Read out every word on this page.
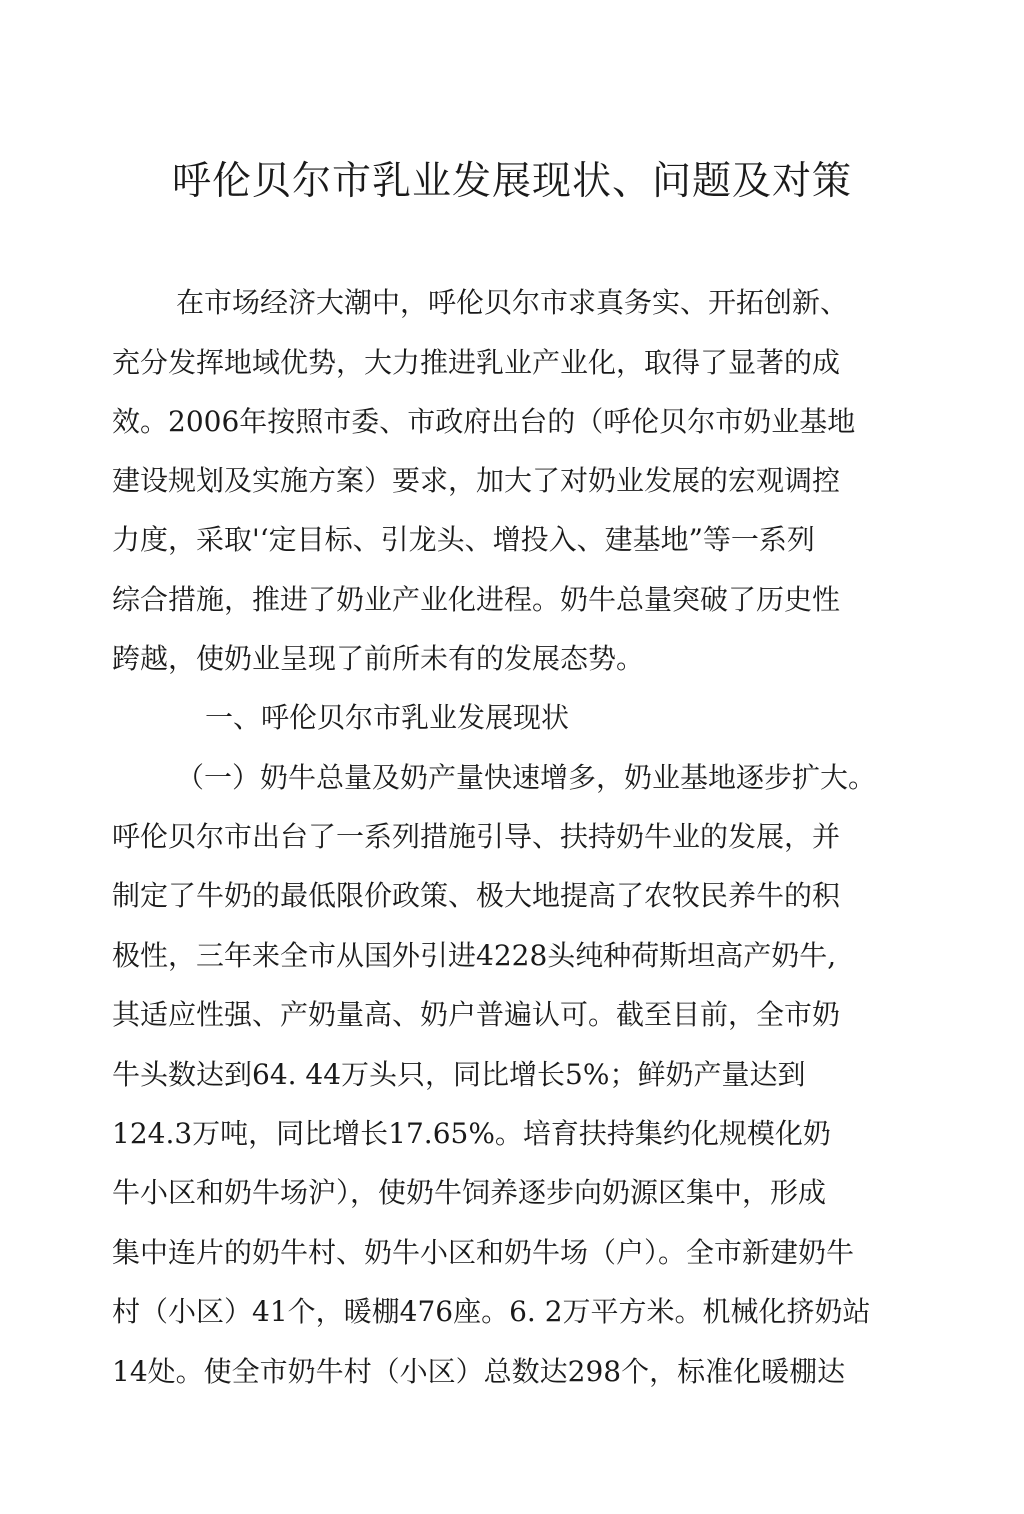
呼伦贝尔市乳业发展现状、问题及对策

在市场经济大潮中，呼伦贝尔市求真务实、开拓创新、

充分发挥地域优势，大力推进乳业产业化，取得了显著的成

效。2006年按照市委、市政府出台的（呼伦贝尔市奶业基地

建设规划及实施方案）要求，加大了对奶业发展的宏观调控

力度，采取'‘定目标、引龙头、增投入、建基地”等一系列

综合措施，推进了奶业产业化进程。奶牛总量突破了历史性

跨越，使奶业呈现了前所未有的发展态势。

一、呼伦贝尔市乳业发展现状

（一）奶牛总量及奶产量快速增多，奶业基地逐步扩大。

呼伦贝尔市出台了一系列措施引导、扶持奶牛业的发展，并

制定了牛奶的最低限价政策、极大地提高了农牧民养牛的积

极性，三年来全市从国外引进4228头纯种荷斯坦高产奶牛,

其适应性强、产奶量高、奶户普遍认可。截至目前，全市奶

牛头数达到64. 44万头只，同比增长5%；鲜奶产量达到

124.3万吨，同比增长17.65%。培育扶持集约化规模化奶

牛小区和奶牛场沪），使奶牛饲养逐步向奶源区集中，形成

集中连片的奶牛村、奶牛小区和奶牛场（户）。全市新建奶牛

村（小区）41个，暖棚476座。6. 2万平方米。机械化挤奶站

14处。使全市奶牛村（小区）总数达298个，标准化暖棚达
